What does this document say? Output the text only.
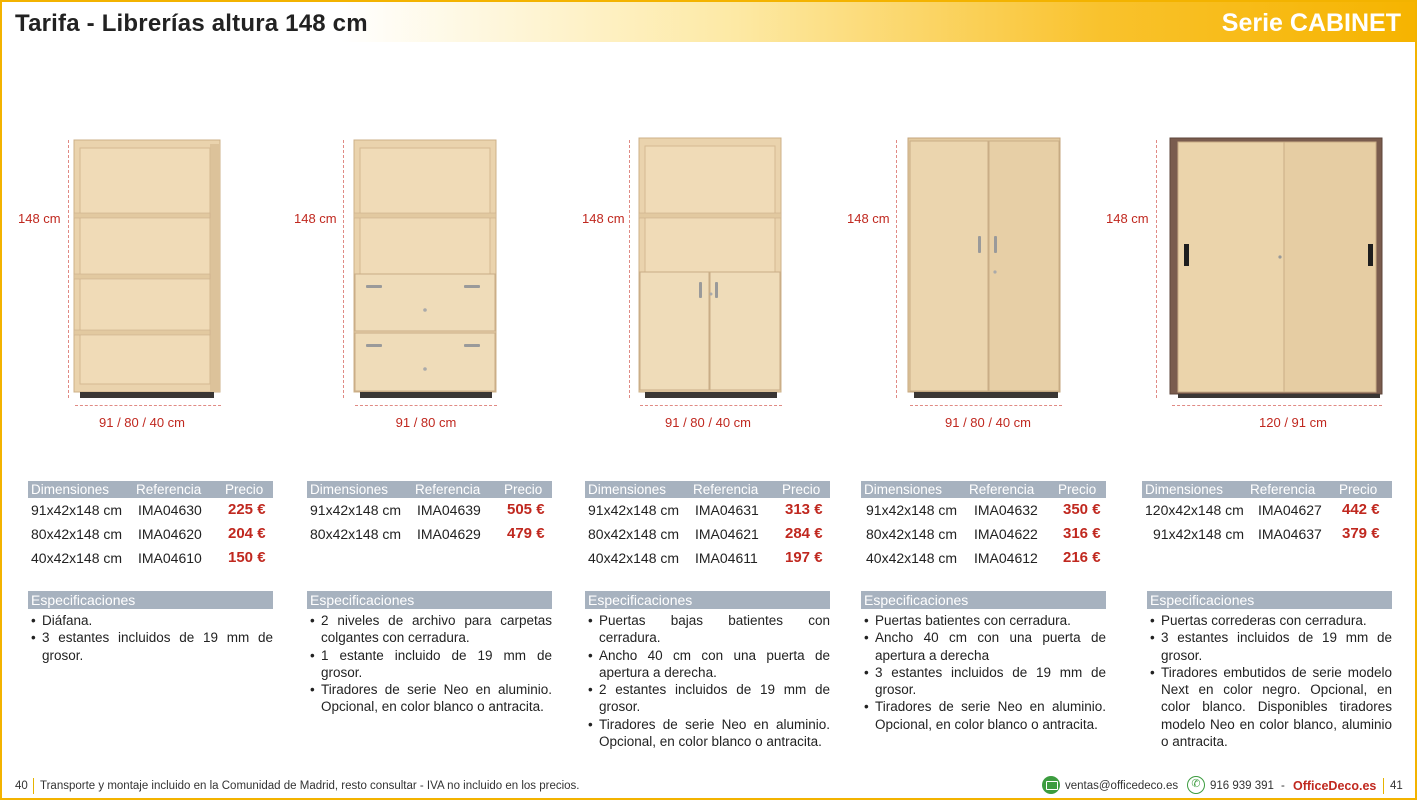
Tarifa - Librerías altura 148 cm	Serie CABINET
148 cm
91 / 80 / 40 cm
148 cm
91 / 80 cm
148 cm
91 / 80 / 40 cm
148 cm
91 / 80 / 40 cm
148 cm
120 / 91 cm
Dimensiones Referencia Precio
91x42x148 cm IMA04630 225 €
80x42x148 cm IMA04620 204 €
40x42x148 cm IMA04610 150 €
Dimensiones Referencia Precio
91x42x148 cm IMA04639 505 €
80x42x148 cm IMA04629 479 €
Dimensiones Referencia Precio
91x42x148 cm IMA04631 313 €
80x42x148 cm IMA04621 284 €
40x42x148 cm IMA04611 197 €
Dimensiones Referencia Precio
91x42x148 cm IMA04632 350 €
80x42x148 cm IMA04622 316 €
40x42x148 cm IMA04612 216 €
Dimensiones Referencia Precio
120x42x148 cm IMA04627 442 €
91x42x148 cm IMA04637 379 €
Especificaciones
• Diáfana.
• 3 estantes incluidos de 19 mm de grosor.
Especificaciones
• 2 niveles de archivo para carpetas colgantes con cerradura.
• 1 estante incluido de 19 mm de grosor.
• Tiradores de serie Neo en aluminio. Opcional, en color blanco o antracita.
Especificaciones
• Puertas bajas batientes con cerradura.
• Ancho 40 cm con una puerta de apertura a derecha.
• 2 estantes incluidos de 19 mm de grosor.
• Tiradores de serie Neo en aluminio. Opcional, en color blanco o antracita.
Especificaciones
• Puertas batientes con cerradura.
• Ancho 40 cm con una puerta de apertura a derecha
• 3 estantes incluidos de 19 mm de grosor.
• Tiradores de serie Neo en aluminio. Opcional, en color blanco o antracita.
Especificaciones
• Puertas correderas con cerradura.
• 3 estantes incluidos de 19 mm de grosor.
• Tiradores embutidos de serie modelo Next en color negro. Opcional, en color blanco. Disponibles tiradores modelo Neo en color blanco, aluminio o antracita.
40 Transporte y montaje incluido en la Comunidad de Madrid, resto consultar - IVA no incluido en los precios.	ventas@officedeco.es	✆ 916 939 391 - OfficeDeco.es 41
